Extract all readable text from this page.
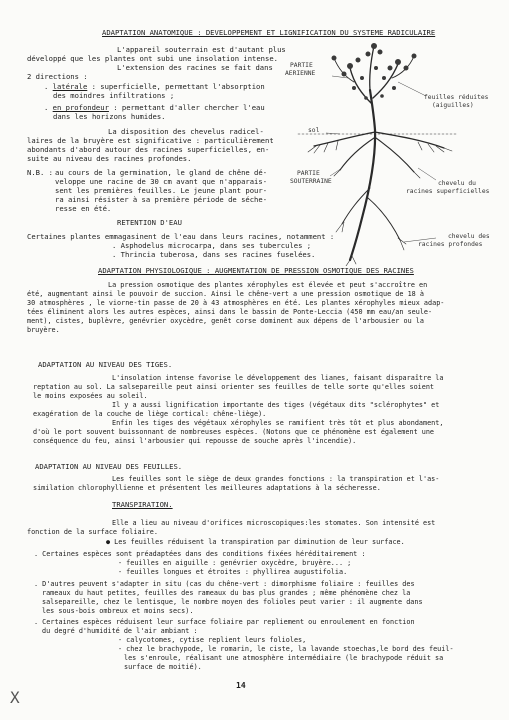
ADAPTATION ANATOMIQUE : DEVELOPPEMENT ET LIGNIFICATION DU SYSTEME RADICULAIRE
L'appareil souterrain est d'autant plus
développé que les plantes ont subi une insolation intense.
L'extension des racines se fait dans
2 directions :
. latérale : superficielle, permettant l'absorption
des moindres infiltrations ;
. en profondeur : permettant d'aller chercher l'eau
dans les horizons humides.
La disposition des chevelus radicel-
laires de la bruyère est significative : particulièrement
abondants d'abord autour des racines superficielles, en-
suite au niveau des racines profondes.
N.B. : au cours de la germination, le gland de chêne dé-
veloppe une racine de 30 cm avant que n'apparais-
sent les premières feuilles. Le jeune plant pour-
ra ainsi résister à sa première période de séche-
resse en été.
RETENTION D'EAU
Certaines plantes emmagasinent de l'eau dans leurs racines, notamment :
. Asphodelus microcarpa, dans ses tubercules ;
. Thrincia tuberosa, dans ses racines fuselées.
PARTIE
AERIENNE
feuilles réduites
(aiguilles)
sol
PARTIE
SOUTERRAINE	chevelu du
racines superficielles
chevelu des
racines profondes
ADAPTATION PHYSIOLOGIQUE : AUGMENTATION DE PRESSION OSMOTIQUE DES RACINES
La pression osmotique des plantes xérophyles est élevée et peut s'accroître en
été, augmentant ainsi le pouvoir de succion. Ainsi le chêne-vert a une pression osmotique de 18 à
30 atmosphères , le viorne-tin passe de 20 à 43 atmosphères en été. Les plantes xérophyles mieux adap-
tées éliminent alors les autres espèces, ainsi dans le bassin de Ponte-Leccia (450 mm eau/an seule-
ment), cistes, buplèvre, genévrier oxycèdre, genêt corse dominent aux dépens de l'arbousier ou la
bruyère.
ADAPTATION AU NIVEAU DES TIGES.
L'insolation intense favorise le développement des lianes, faisant disparaître la
reptation au sol. La salsepareille peut ainsi orienter ses feuilles de telle sorte qu'elles soient
le moins exposées au soleil.
Il y a aussi lignification importante des tiges (végétaux dits "sclérophytes" et
exagération de la couche de liège cortical: chêne-liège).
Enfin les tiges des végétaux xérophyles se ramifient très tôt et plus abondament,
d'où le port souvent buissonnant de nombreuses espèces. (Notons que ce phénomène est également une
conséquence du feu, ainsi l'arbousier qui repousse de souche après l'incendie).
ADAPTATION AU NIVEAU DES FEUILLES.
Les feuilles sont le siège de deux grandes fonctions : la transpiration et l'as-
similation chlorophyllienne et présentent les meilleures adaptations à la sécheresse.
TRANSPIRATION.
Elle a lieu au niveau d'orifices microscopiques:les stomates. Son intensité est
fonction de la surface foliaire.
● Les feuilles réduisent la transpiration par diminution de leur surface.
. Certaines espèces sont préadaptées dans des conditions fixées héréditairement :
- feuilles en aiguille : genévrier oxycèdre, bruyère... ;
- feuilles longues et étroites : phyllirea augustifolia.
. D'autres peuvent s'adapter in situ (cas du chêne-vert : dimorphisme foliaire : feuilles des
rameaux du haut petites, feuilles des rameaux du bas plus grandes ; même phénomène chez la
salsepareille, chez le lentisque, le nombre moyen des folioles peut varier : il augmente dans
les sous-bois ombreux et moins secs).
. Certaines espèces réduisent leur surface foliaire par repliement ou enroulement en fonction
du degré d'humidité de l'air ambiant :
- calycotomes, cytise replient leurs folioles,
- chez le brachypode, le romarin, le ciste, la lavande stoechas,le bord des feuil-
les s'enroule, réalisant une atmosphère intermédiaire (le brachypode réduit sa
surface de moitié).
14
X
